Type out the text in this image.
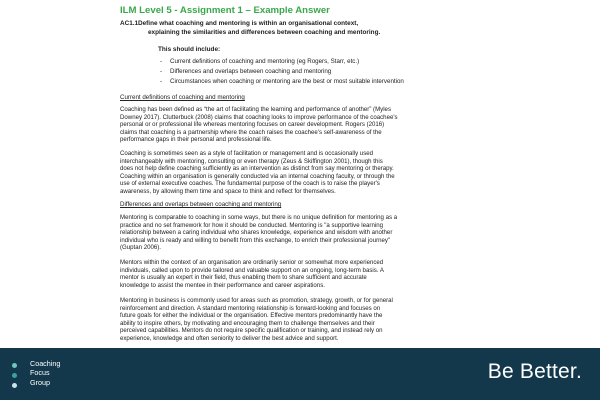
ILM Level 5 - Assignment 1 – Example Answer
AC1.1 Define what coaching and mentoring is within an organisational context,
explaining the similarities and differences between coaching and mentoring.
This should include:
- Current definitions of coaching and mentoring (eg Rogers, Starr, etc.)
- Differences and overlaps between coaching and mentoring
- Circumstances when coaching or mentoring are the best or most suitable intervention
Current definitions of coaching and mentoring
Coaching has been defined as “the art of facilitating the learning and performance of another” (Myles
Downey 2017). Clutterbuck (2008) claims that coaching looks to improve performance of the coachee's
personal or or professional life whereas mentoring focuses on career development. Rogers (2016)
claims that coaching is a partnership where the coach raises the coachee's self-awareness of the
performance gaps in their personal and professional life.
Coaching is sometimes seen as a style of facilitation or management and is occasionally used
interchangeably with mentoring, consulting or even therapy (Zeus & Skiffington 2001), though this
does not help define coaching sufficiently as an intervention as distinct from say mentoring or therapy.
Coaching within an organisation is generally conducted via an internal coaching faculty, or through the
use of external executive coaches. The fundamental purpose of the coach is to raise the player's
awareness, by allowing them time and space to think and reflect for themselves.
Differences and overlaps between coaching and mentoring
Mentoring is comparable to coaching in some ways, but there is no unique definition for mentoring as a
practice and no set framework for how it should be conducted. Mentoring is "a supportive learning
relationship between a caring individual who shares knowledge, experience and wisdom with another
individual who is ready and willing to benefit from this exchange, to enrich their professional journey"
(Guptan 2006).
Mentors within the context of an organisation are ordinarily senior or somewhat more experienced
individuals, called upon to provide tailored and valuable support on an ongoing, long-term basis. A
mentor is usually an expert in their field, thus enabling them to share sufficient and accurate
knowledge to assist the mentee in their performance and career aspirations.
Mentoring in business is commonly used for areas such as promotion, strategy, growth, or for general
reinforcement and direction. A standard mentoring relationship is forward-looking and focuses on
future goals for either the individual or the organisation. Effective mentors predominantly have the
ability to inspire others, by motivating and encouraging them to challenge themselves and their
perceived capabilities. Mentors do not require specific qualification or training, and instead rely on
experience, knowledge and often seniority to deliver the best advice and support.
Coaching
Focus
Group	Be Better.
